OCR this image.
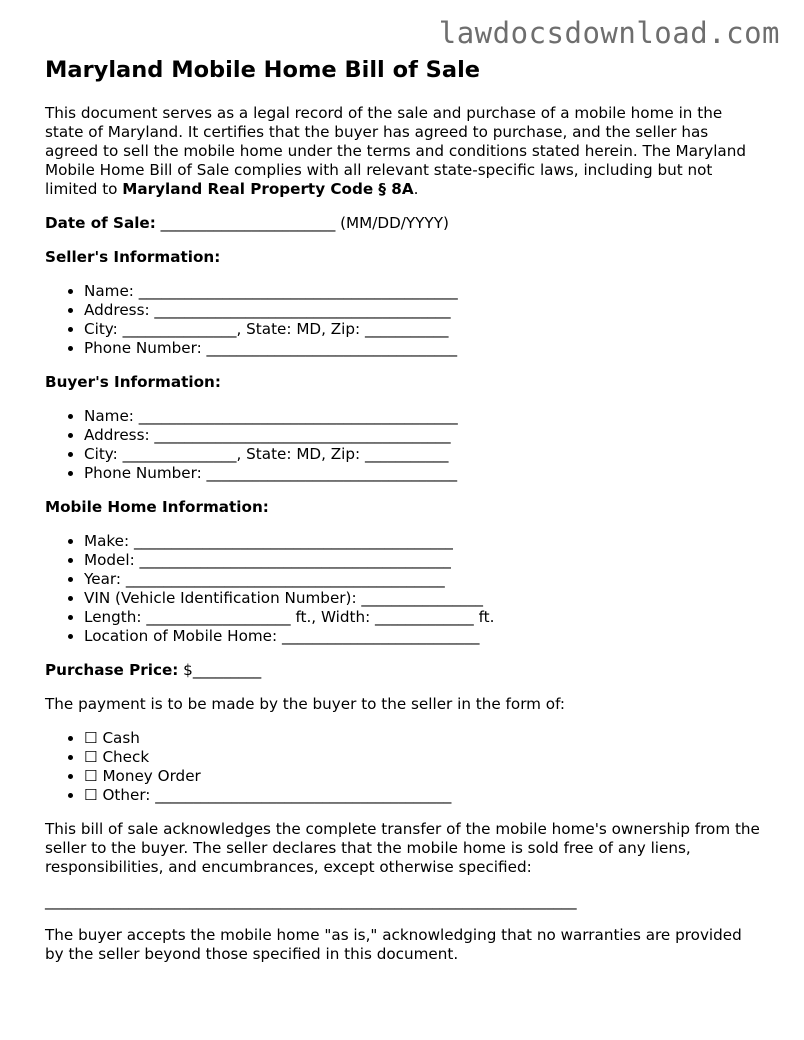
lawdocsdownload.com
Maryland Mobile Home Bill of Sale

This document serves as a legal record of the sale and purchase of a mobile home in the state of Maryland. It certifies that the buyer has agreed to purchase, and the seller has agreed to sell the mobile home under the terms and conditions stated herein. The Maryland Mobile Home Bill of Sale complies with all relevant state-specific laws, including but not limited to Maryland Real Property Code § 8A.

Date of Sale: _______________________ (MM/DD/YYYY)

Seller's Information:
• Name: __________________________________________
• Address: _______________________________________
• City: _______________, State: MD, Zip: ___________
• Phone Number: _________________________________
Buyer's Information:
• Name: __________________________________________
• Address: _______________________________________
• City: _______________, State: MD, Zip: ___________
• Phone Number: _________________________________
Mobile Home Information:
• Make: __________________________________________
• Model: _________________________________________
• Year: __________________________________________
• VIN (Vehicle Identification Number): ________________
• Length: ___________________ ft., Width: _____________ ft.
• Location of Mobile Home: __________________________

Purchase Price: $_________

The payment is to be made by the buyer to the seller in the form of:

• ☐ Cash
• ☐ Check
• ☐ Money Order
• ☐ Other: _______________________________________

This bill of sale acknowledges the complete transfer of the mobile home's ownership from the seller to the buyer. The seller declares that the mobile home is sold free of any liens, responsibilities, and encumbrances, except otherwise specified:

______________________________________________________________________

The buyer accepts the mobile home "as is," acknowledging that no warranties are provided by the seller beyond those specified in this document.
